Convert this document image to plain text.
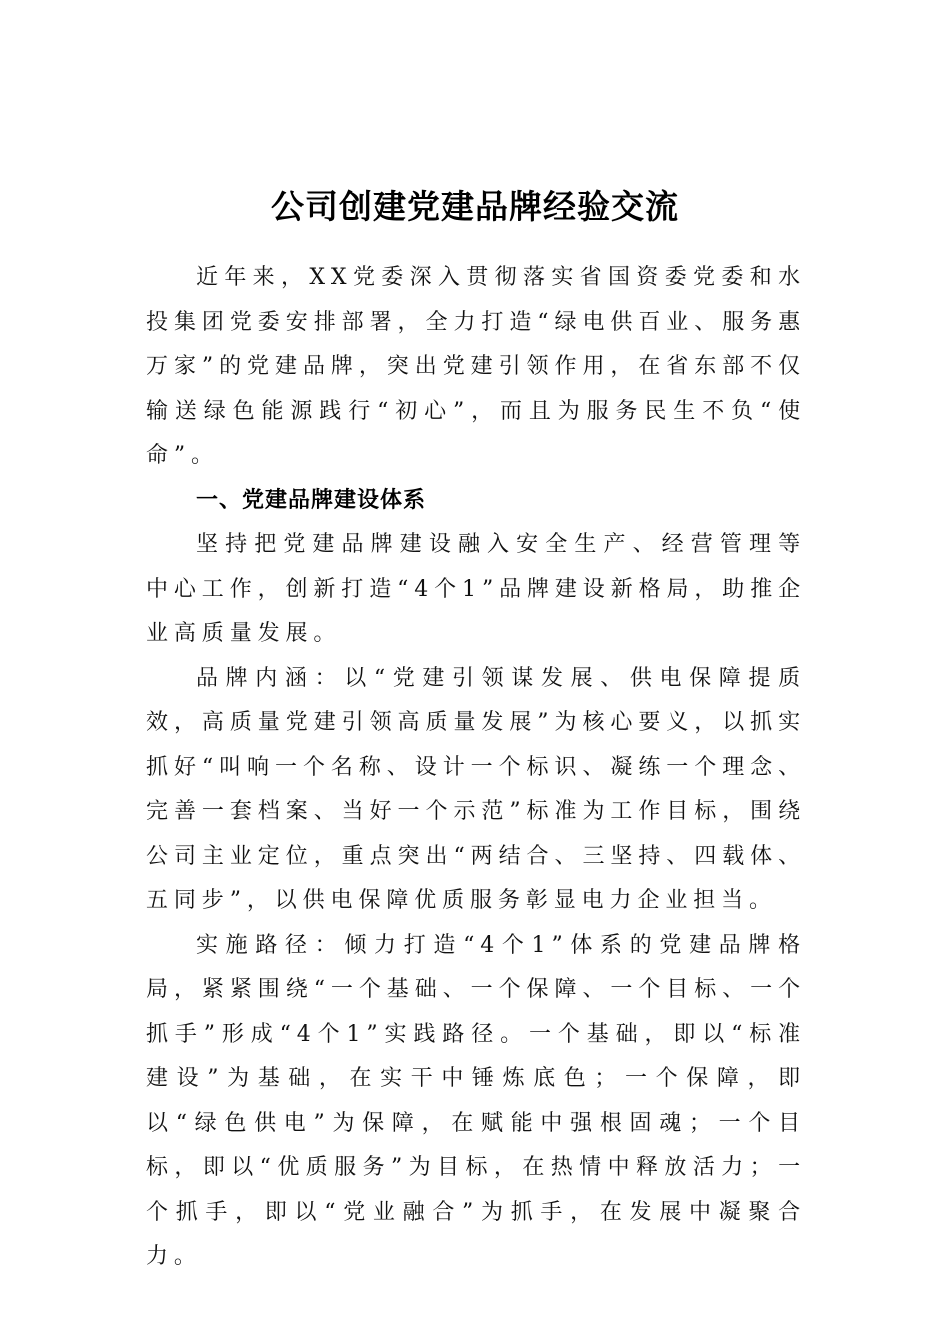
公司创建党建品牌经验交流

近年来，XX党委深入贯彻落实省国资委党委和水投集团党委安排部署，全力打造“绿电供百业、服务惠万家”的党建品牌，突出党建引领作用，在省东部不仅输送绿色能源践行“初心”，而且为服务民生不负“使命”。

一、党建品牌建设体系

坚持把党建品牌建设融入安全生产、经营管理等中心工作，创新打造“4个1”品牌建设新格局，助推企业高质量发展。

品牌内涵：以“党建引领谋发展、供电保障提质效，高质量党建引领高质量发展”为核心要义，以抓实抓好“叫响一个名称、设计一个标识、凝练一个理念、完善一套档案、当好一个示范”标准为工作目标，围绕公司主业定位，重点突出“两结合、三坚持、四载体、五同步”，以供电保障优质服务彰显电力企业担当。

实施路径：倾力打造“4个1”体系的党建品牌格局，紧紧围绕“一个基础、一个保障、一个目标、一个抓手”形成“4个1”实践路径。一个基础，即以“标准建设”为基础，在实干中锤炼底色；一个保障，即以“绿色供电”为保障，在赋能中强根固魂；一个目标，即以“优质服务”为目标，在热情中释放活力；一个抓手，即以“党业融合”为抓手，在发展中凝聚合力。
